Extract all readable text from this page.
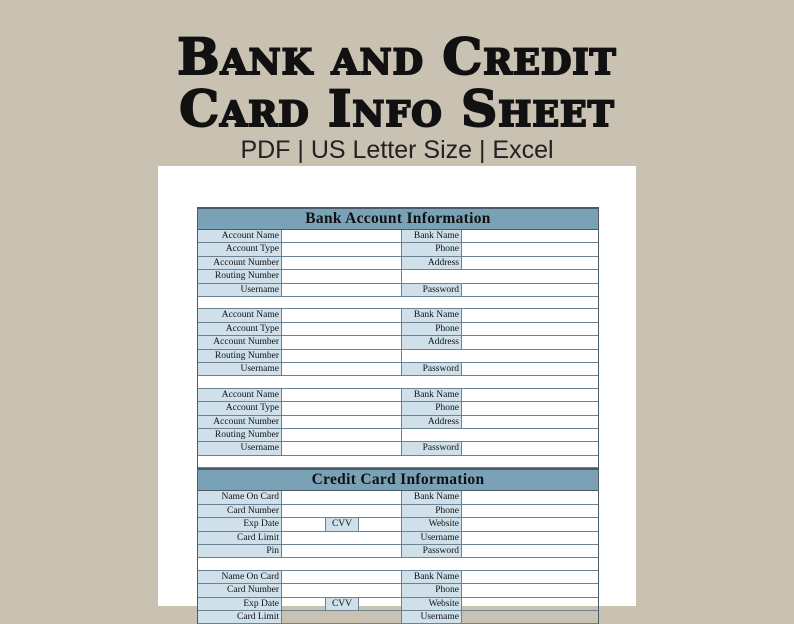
Bank and Credit
Card Info Sheet
PDF | US Letter Size | Excel
Bank Account Information
Account Name	Bank Name
Account Type	Phone
Account Number	Address
Routing Number
Username	Password
Account Name	Bank Name
Account Type	Phone
Account Number	Address
Routing Number
Username	Password
Account Name	Bank Name
Account Type	Phone
Account Number	Address
Routing Number
Username	Password
Credit Card Information
Name On Card	Bank Name
Card Number	Phone
Exp Date	CVV	Website
Card Limit	Username
Pin	Password
Name On Card	Bank Name
Card Number	Phone
Exp Date	CVV	Website
Card Limit	Username
